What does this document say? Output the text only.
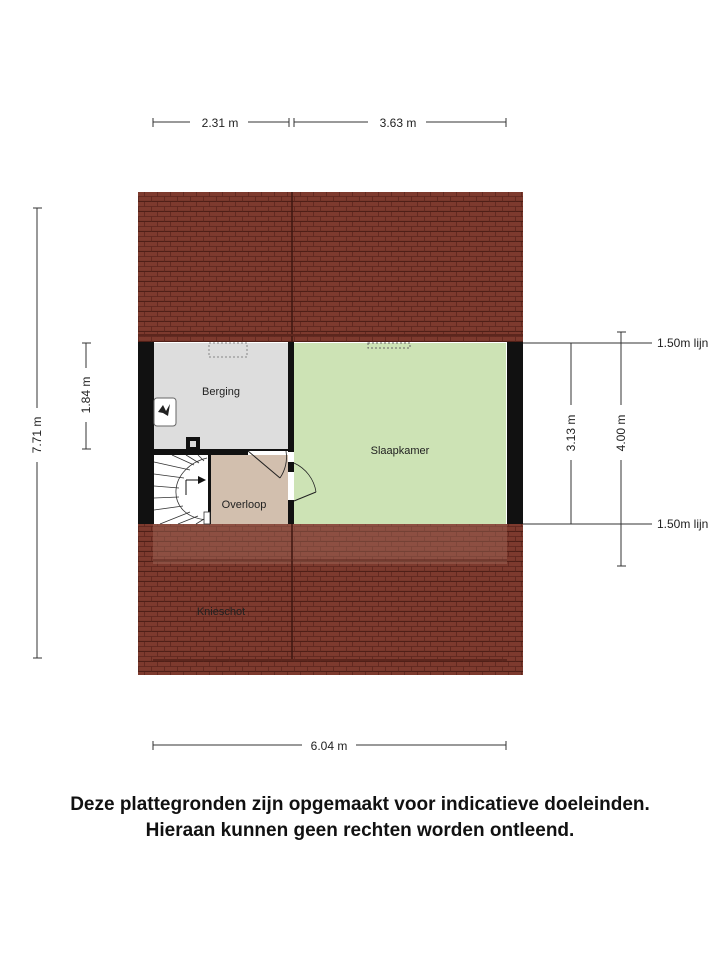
Berging
Slaapkamer
Overloop
Knieschot
2.31 m	3.63 m
6.04 m
7.71 m
1.84 m
3.13 m	4.00 m
1.50m lijn
1.50m lijn
Deze plattegronden zijn opgemaakt voor indicatieve doeleinden.
Hieraan kunnen geen rechten worden ontleend.
